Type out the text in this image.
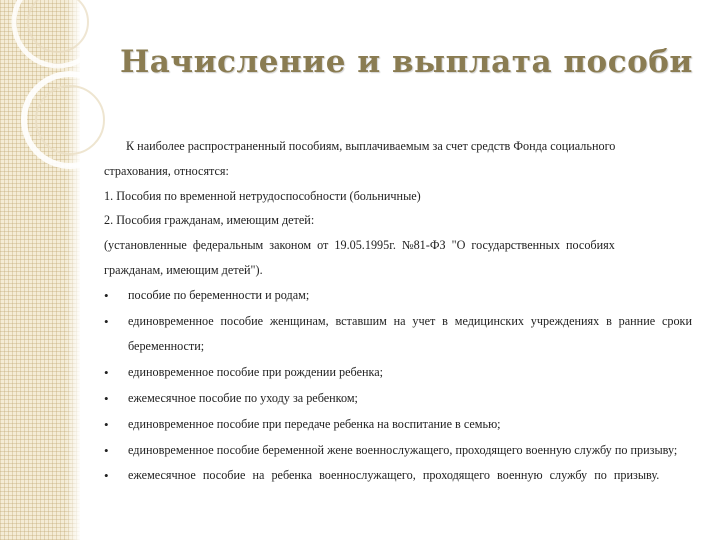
Начисление и выплата пособи
К наиболее распространенный пособиям, выплачиваемым за счет средств Фонда социального
страхования, относятся:
1. Пособия по временной нетрудоспособности (больничные)
2. Пособия гражданам, имеющим детей:
(установленные федеральным законом от 19.05.1995г. №81-ФЗ "О государственных пособиях
гражданам, имеющим детей").
• пособие по беременности и родам;
• единовременное пособие женщинам, вставшим на учет в медицинских учреждениях в ранние сроки беременности;
• единовременное пособие при рождении ребенка;
• ежемесячное пособие по уходу за ребенком;
• единовременное пособие при передаче ребенка на воспитание в семью;
• единовременное пособие беременной жене военнослужащего, проходящего военную службу по призыву;
• ежемесячное пособие на ребенка военнослужащего, проходящего военную службу по призыву.
